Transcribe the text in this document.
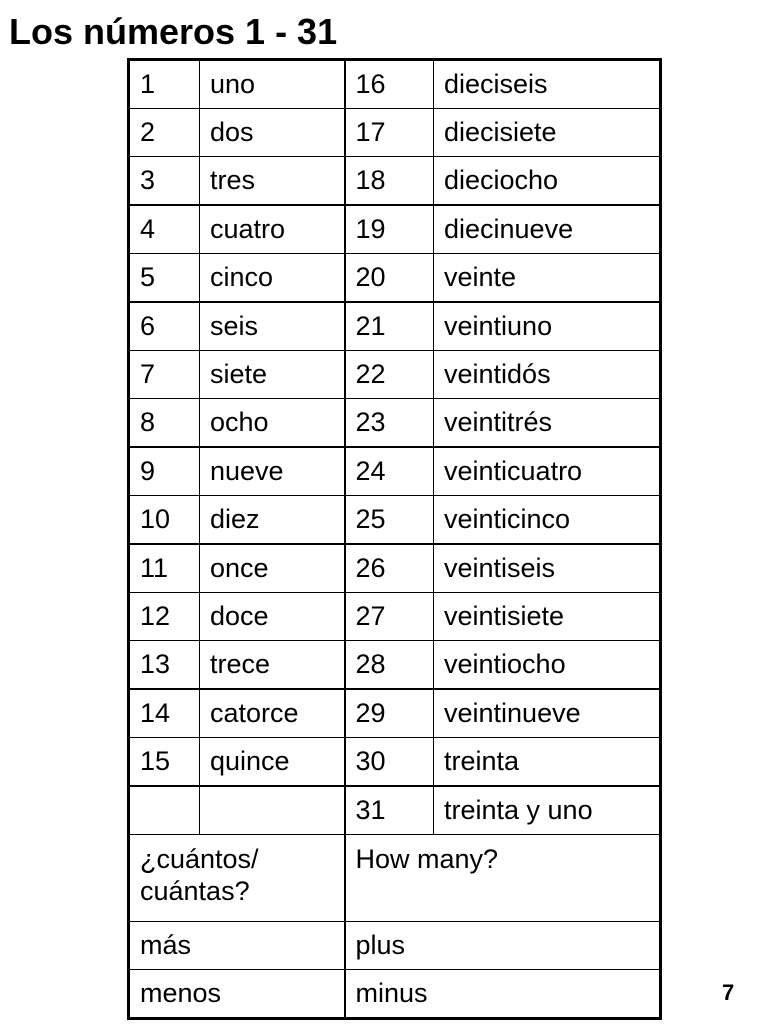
Los números 1 - 31
1	uno	16	dieciseis
2	dos	17	diecisiete
3	tres	18	dieciocho
4	cuatro	19	diecinueve
5	cinco	20	veinte
6	seis	21	veintiuno
7	siete	22	veintidós
8	ocho	23	veintitrés
9	nueve	24	veinticuatro
10	diez	25	veinticinco
11	once	26	veintiseis
12	doce	27	veintisiete
13	trece	28	veintiocho
14	catorce	29	veintinueve
15	quince	30	treinta
		31	treinta y uno
¿cuántos/ cuántas?		How many?	
más		plus	
menos		minus		7
